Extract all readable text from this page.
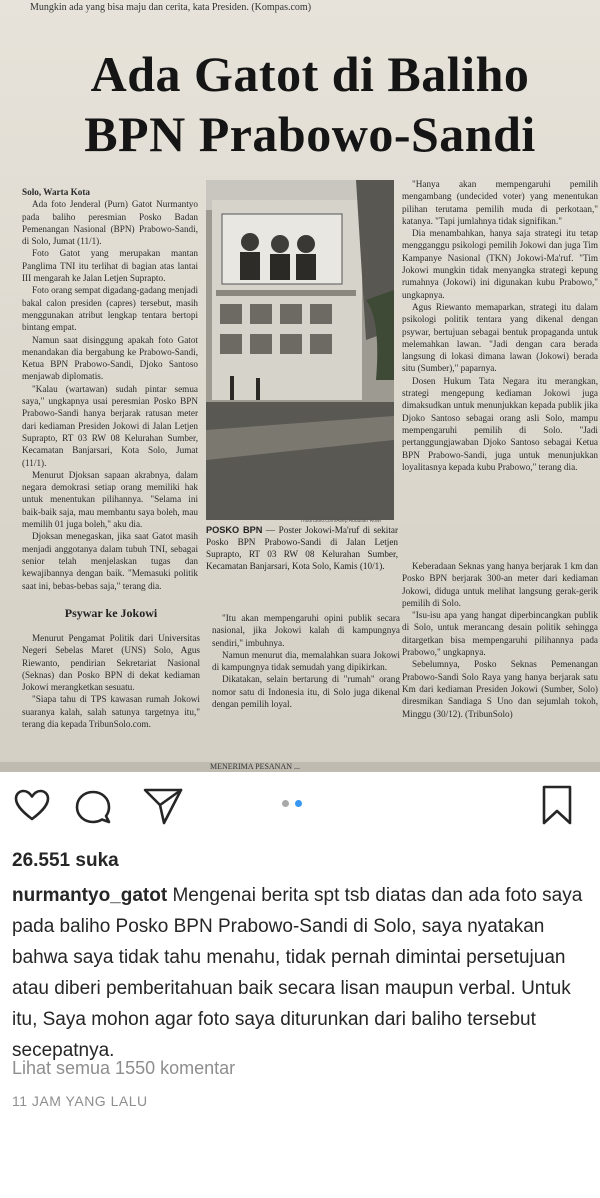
Mungkin ada yang bisa maju dan cerita, kata Presiden. (Kompas.com)
Ada Gatot di Baliho
BPN Prabowo-Sandi

Solo, Warta Kota

Ada foto Jenderal (Purn) Gatot Nurmantyo pada baliho peresmian Posko Badan Pemenangan Nasional (BPN) Prabowo-Sandi, di Solo, Jumat (11/1).

Foto Gatot yang merupakan mantan Panglima TNI itu terlihat di bagian atas lantai III mengarah ke Jalan Letjen Suprapto.

Foto orang sempat digadang-gadang menjadi bakal calon presiden (capres) tersebut, masih menggunakan atribut lengkap tentara bertopi bintang empat.

Namun saat disinggung apakah foto Gatot menandakan dia bergabung ke Prabowo-Sandi, Ketua BPN Prabowo-Sandi, Djoko Santoso menjawab diplomatis.

"Kalau (wartawan) sudah pintar semua saya," ungkapnya usai peresmian Posko BPN Prabowo-Sandi hanya berjarak ratusan meter dari kediaman Presiden Jokowi di Jalan Letjen Suprapto, RT 03 RW 08 Kelurahan Sumber, Kecamatan Banjarsari, Kota Solo, Jumat (11/1).

Menurut Djoksan sapaan akrabnya, dalam negara demokrasi setiap orang memiliki hak untuk menentukan pilihannya. "Selama ini baik-baik saja, mau membantu saya boleh, mau memilih 01 juga boleh," aku dia.

Djoksan menegaskan, jika saat Gatot masih menjadi anggotanya dalam tubuh TNI, sebagai senior telah menjelaskan tugas dan kewajibannya dengan baik. "Memasuki politik saat ini, bebas-bebas saja," terang dia.

Psywar ke Jokowi

Menurut Pengamat Politik dari Universitas Negeri Sebelas Maret (UNS) Solo, Agus Riewanto, pendirian Sekretariat Nasional (Seknas) dan Posko BPN di dekat kediaman Jokowi merangketkan sesuatu.

"Siapa tahu di TPS kawasan rumah Jokowi suaranya kalah, salah satunya targetnya itu," terang dia kepada TribunSolo.com.

TribunSolo.com/Asep Abdullah Rowi
POSKO BPN — Poster Jokowi-Ma'ruf di sekitar Posko BPN Prabowo-Sandi di Jalan Letjen Suprapto, RT 03 RW 08 Kelurahan Sumber, Kecamatan Banjarsari, Kota Solo, Kamis (10/1).

"Itu akan mempengaruhi opini publik secara nasional, jika Jokowi kalah di kampungnya sendiri," imbuhnya.

Namun menurut dia, memalahkan suara Jokowi di kampungnya tidak semudah yang dipikirkan.

Dikatakan, selain bertarung di "rumah" orang nomor satu di Indonesia itu, di Solo juga dikenal dengan pemilih loyal.

"Hanya akan mempengaruhi pemilih mengambang (undecided voter) yang menentukan pilihan terutama pemilih muda di perkotaan," katanya. "Tapi jumlahnya tidak signifikan."

Dia menambahkan, hanya saja strategi itu tetap mengganggu psikologi pemilih Jokowi dan juga Tim Kampanye Nasional (TKN) Jokowi-Ma'ruf. "Tim Jokowi mungkin tidak menyangka strategi kepung rumahnya (Jokowi) ini digunakan kubu Prabowo," ungkapnya.

Agus Riewanto memaparkan, strategi itu dalam psikologi politik tentara yang dikenal dengan psywar, bertujuan sebagai bentuk propaganda untuk melemahkan lawan. "Jadi dengan cara berada langsung di lokasi dimana lawan (Jokowi) berada situ (Sumber)," paparnya.

Dosen Hukum Tata Negara itu merangkan, strategi mengepung kediaman Jokowi juga dimaksudkan untuk menunjukkan kepada publik jika Djoko Santoso sebagai orang asli Solo, mampu mempengaruhi pemilih di Solo. "Jadi pertanggungjawaban Djoko Santoso sebagai Ketua BPN Prabowo-Sandi, juga untuk menunjukkan loyalitasnya kepada kubu Prabowo," terang dia.

Keberadaan Seknas yang hanya berjarak 1 km dan Posko BPN berjarak 300-an meter dari kediaman Jokowi, diduga untuk melihat langsung gerak-gerik pemilih di Solo.

"Isu-isu apa yang hangat diperbincangkan publik di Solo, untuk merancang desain politik sehingga ditargetkan bisa mempengaruhi pilihannya pada Prabowo," ungkapnya.

Sebelumnya, Posko Seknas Pemenangan Prabowo-Sandi Solo Raya yang hanya berjarak satu Km dari kediaman Presiden Jokowi (Sumber, Solo) diresmikan Sandiaga S Uno dan sejumlah tokoh, Minggu (30/12). (TribunSolo)

MENERIMA PESANAN ...
26.551 suka
nurmantyo_gatot Mengenai berita spt tsb diatas dan ada foto saya pada baliho Posko BPN Prabowo-Sandi di Solo, saya nyatakan bahwa saya tidak tahu menahu, tidak pernah dimintai persetujuan atau diberi pemberitahuan baik secara lisan maupun verbal. Untuk itu, Saya mohon agar foto saya diturunkan dari baliho tersebut secepatnya.
Lihat semua 1550 komentar
11 JAM YANG LALU
